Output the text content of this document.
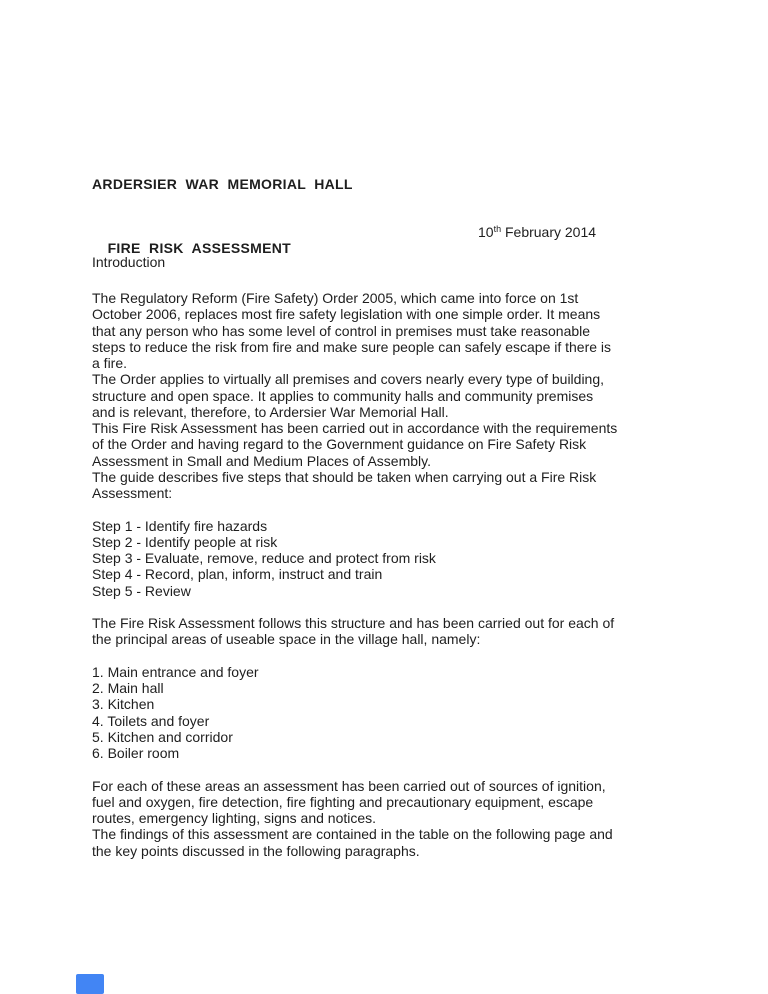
ARDERSIER  WAR  MEMORIAL  HALL

FIRE  RISK  ASSESSMENT

10th February 2014

Introduction
The Regulatory Reform (Fire Safety) Order 2005, which came into force on 1st
October 2006, replaces most fire safety legislation with one simple order. It means
that any person who has some level of control in premises must take reasonable
steps to reduce the risk from fire and make sure people can safely escape if there is
a fire.
The Order applies to virtually all premises and covers nearly every type of building,
structure and open space. It applies to community halls and community premises
and is relevant, therefore, to Ardersier War Memorial Hall.
This Fire Risk Assessment has been carried out in accordance with the requirements
of the Order and having regard to the Government guidance on Fire Safety Risk
Assessment in Small and Medium Places of Assembly.
The guide describes five steps that should be taken when carrying out a Fire Risk
Assessment:
Step 1 - Identify fire hazards
Step 2 - Identify people at risk
Step 3 - Evaluate, remove, reduce and protect from risk
Step 4 - Record, plan, inform, instruct and train
Step 5 - Review
The Fire Risk Assessment follows this structure and has been carried out for each of
the principal areas of useable space in the village hall, namely:
1. Main entrance and foyer
2. Main hall
3. Kitchen
4. Toilets and foyer
5. Kitchen and corridor
6. Boiler room
For each of these areas an assessment has been carried out of sources of ignition,
fuel and oxygen, fire detection, fire fighting and precautionary equipment, escape
routes, emergency lighting, signs and notices.
The findings of this assessment are contained in the table on the following page and
the key points discussed in the following paragraphs.
